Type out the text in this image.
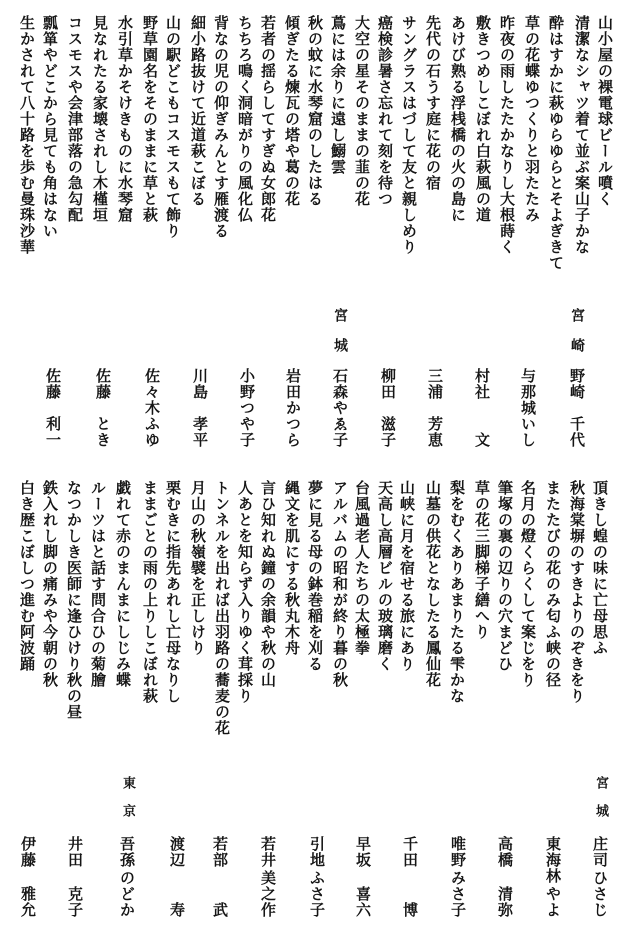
山小屋の裸電球ビール噴く
清潔なシャツ着て並ぶ案山子かな
酔はすかに萩ゆらゆらとそよぎきて
草の花蝶ゆつくりと羽たたみ
昨夜の雨したたかなりし大根蒔く
敷きつめしこぼれ白萩風の道
あけび熟る浮桟橋の火の島に
先代の石うす庭に花の宿
サングラスはづして友と親しめり
癌検診暑さ忘れて刻を待つ
大空の星そのままの韮の花
蔦には余りに遠し鰯雲
秋の蚊に水琴窟のしたはる
傾ぎたる煉瓦の塔や葛の花
若者の揺らしてすぎぬ女郎花
ちちろ鳴く洞暗がりの風化仏
背なの児の仰ぎみんとす雁渡る
細小路抜けて近道萩こぼる
山の駅どこもコスモスもて飾り
野草園名をそのままに草と萩
水引草かそけきものに水琴窟
見なれたる家壊されし木槿垣
コスモスや会津部落の急勾配
瓢箪やどこから見ても角はない
生かされて八十路を歩む曼珠沙華
宮崎
野崎
千代
与那城
いし
村社
文
三浦
芳恵
柳田
滋子
宮城
石森
やゑ子
岩田
かつら
小野
つや子
川島
孝平
佐々木
ふゆ
佐藤
とき
佐藤
利一
頂きし蝗の味に亡母思ふ
秋海棠塀のすきよりのぞきをり
またたびの花のみ匂ふ峡の径
名月の燈くらくして案じをり
筆塚の裏の辺りの穴まどひ
草の花三脚梯子繕へり
梨をむくありあまりたる雫かな
山墓の供花となしたる鳳仙花
山峡に月を宿せる旅にあり
天高し高層ビルの玻璃磨く
台風過老人たちの太極拳
アルバムの昭和が終り暮の秋
夢に見る母の鉢巻稲を刈る
縄文を肌にする秋丸木舟
言ひ知れぬ鐘の余韻や秋の山
人あとを知らず入りゆく茸採り
トンネルを出れば出羽路の蕎麦の花
月山の秋嶺襞を正しけり
栗むきに指先あれし亡母なりし
ままごとの雨の上りしこぼれ萩
戯れて赤のまんまにしじみ蝶
ルーツはと話す問合ひの菊膾
なつかしき医師に逢ひけり秋の昼
鉄入れし脚の痛みや今朝の秋
白き歴こぼしつ進む阿波踊
宮城
庄司
ひさじ
東海林
やよ
高橋
清弥
唯野
みさ子
千田
博
早坂
喜六
引地
ふさ子
若井
美之作
若部
武
渡辺
寿
東京
吾孫
のどか
井田
克子
伊藤
雅允
